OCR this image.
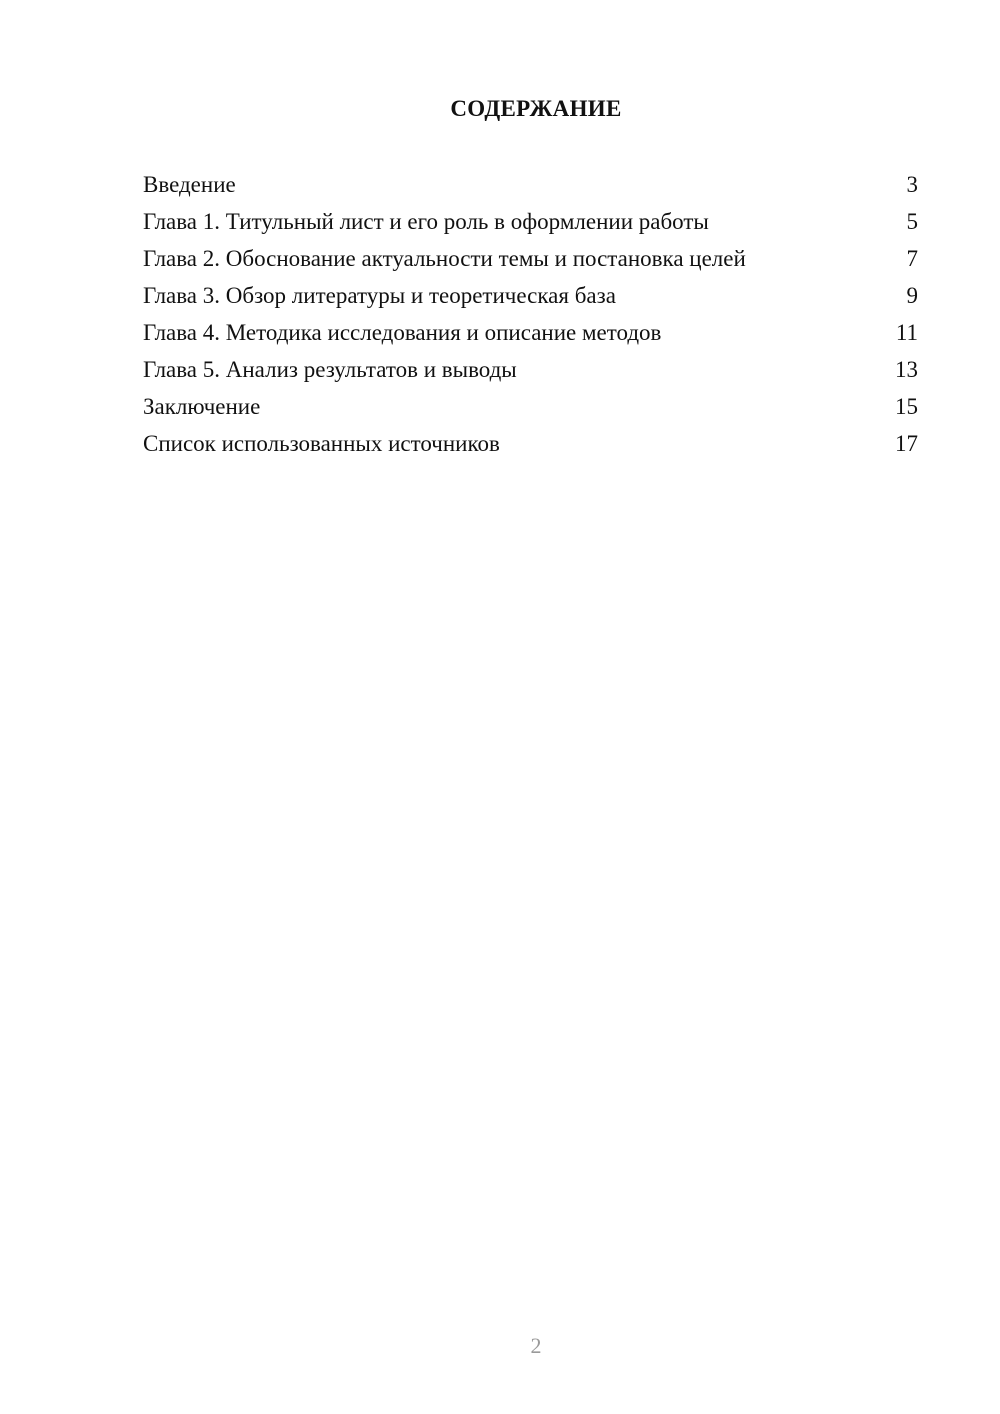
СОДЕРЖАНИЕ
Введение	3
Глава 1. Титульный лист и его роль в оформлении работы	5
Глава 2. Обоснование актуальности темы и постановка целей	7
Глава 3. Обзор литературы и теоретическая база	9
Глава 4. Методика исследования и описание методов	11
Глава 5. Анализ результатов и выводы	13
Заключение	15
Список использованных источников	17
2
